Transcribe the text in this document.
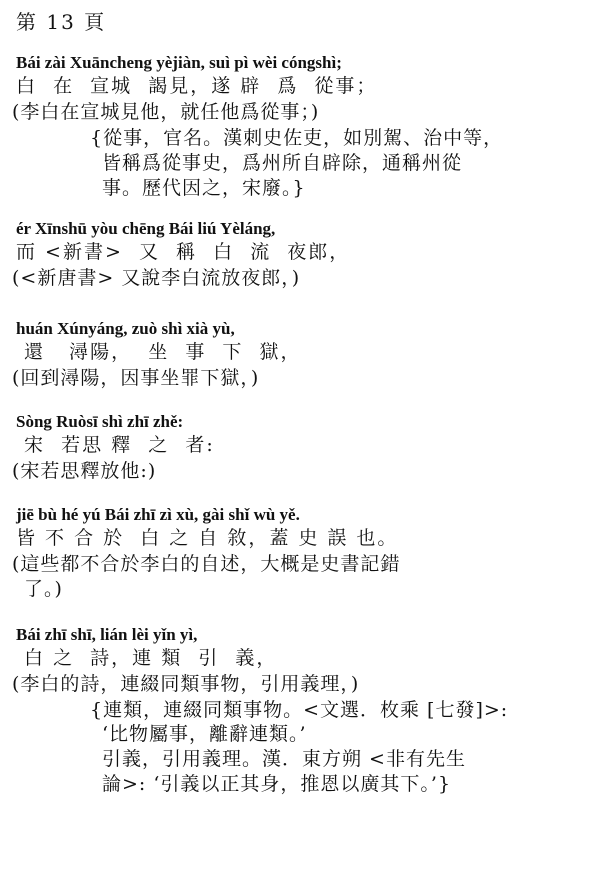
第 13 頁
Bái zài Xuāncheng yèjiàn, suì pì wèi cóngshì;
白  在  宣城  謁見，遂 辟  爲  從事；
(李白在宣城見他，就任他爲從事；)
{從事，官名。漢刺史佐吏，如別駕、治中等，
皆稱爲從事史，爲州所自辟除，通稱州從
事。歷代因之，宋廢。}
ér Xīnshū yòu chēng Bái liú Yèláng,
而 <新書>  又  稱  白  流  夜郎，
(<新唐書> 又說李白流放夜郎，)
huán Xúnyáng, zuò shì xià yù,
還   潯陽，  坐  事  下  獄，
(回到潯陽，因事坐罪下獄，)
Sòng Ruòsī shì zhī zhě:
宋  若思 釋  之  者:
(宋若思釋放他:)
jiē bù hé yú Bái zhī zì xù, gài shǐ wù yě.
皆 不 合 於  白 之 自 敘，蓋 史 誤 也。
(這些都不合於李白的自述，大概是史書記錯
了。)
Bái zhī shī, lián lèi yǐn yì,
白 之  詩，連 類  引  義，
(李白的詩，連綴同類事物，引用義理，)
{連類，連綴同類事物。<文選．枚乘 [七發]>:
‘比物屬事，離辭連類。’
引義，引用義理。漢．東方朔 <非有先生
論>: ‘引義以正其身，推恩以廣其下。’}
